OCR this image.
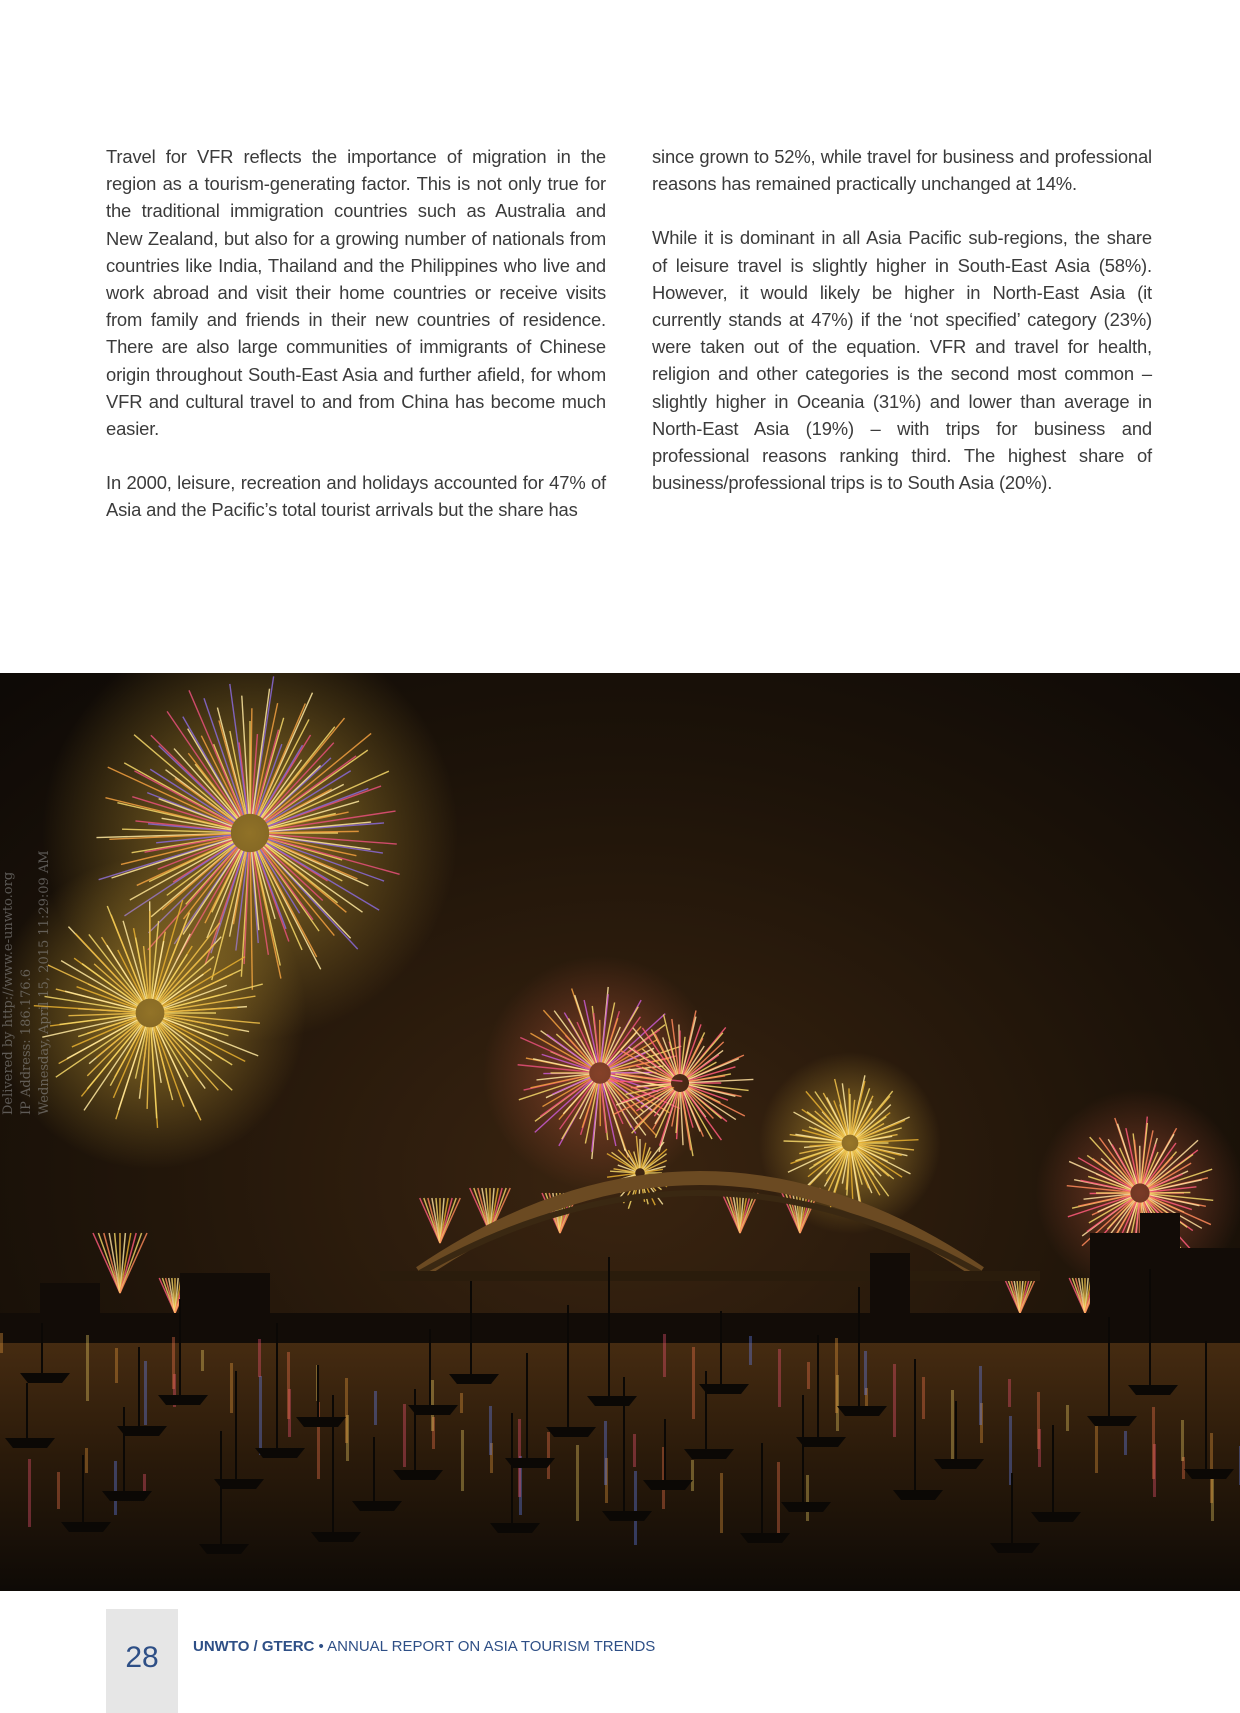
Travel for VFR reflects the importance of migration in the region as a tourism-generating factor. This is not only true for the traditional immigration countries such as Australia and New Zealand, but also for a growing number of nationals from countries like India, Thailand and the Philippines who live and work abroad and visit their home countries or receive visits from family and friends in their new countries of residence. There are also large communities of immigrants of Chinese origin throughout South-East Asia and further afield, for whom VFR and cultural travel to and from China has become much easier.

In 2000, leisure, recreation and holidays accounted for 47% of Asia and the Pacific’s total tourist arrivals but the share has

since grown to 52%, while travel for business and professional reasons has remained practically unchanged at 14%.

While it is dominant in all Asia Pacific sub-regions, the share of leisure travel is slightly higher in South-East Asia (58%). However, it would likely be higher in North-East Asia (it currently stands at 47%) if the ‘not specified’ category (23%) were taken out of the equation. VFR and travel for health, religion and other categories is the second most common – slightly higher in Oceania (31%) and lower than average in North-East Asia (19%) – with trips for business and professional reasons ranking third. The highest share of business/professional trips is to South Asia (20%).

Delivered by http://www.e-unwto.org IP Address: 186.176.6 Wednesday, April 15, 2015 11:29:09 AM
28	UNWTO / GTERC • ANNUAL REPORT ON ASIA TOURISM TRENDS
